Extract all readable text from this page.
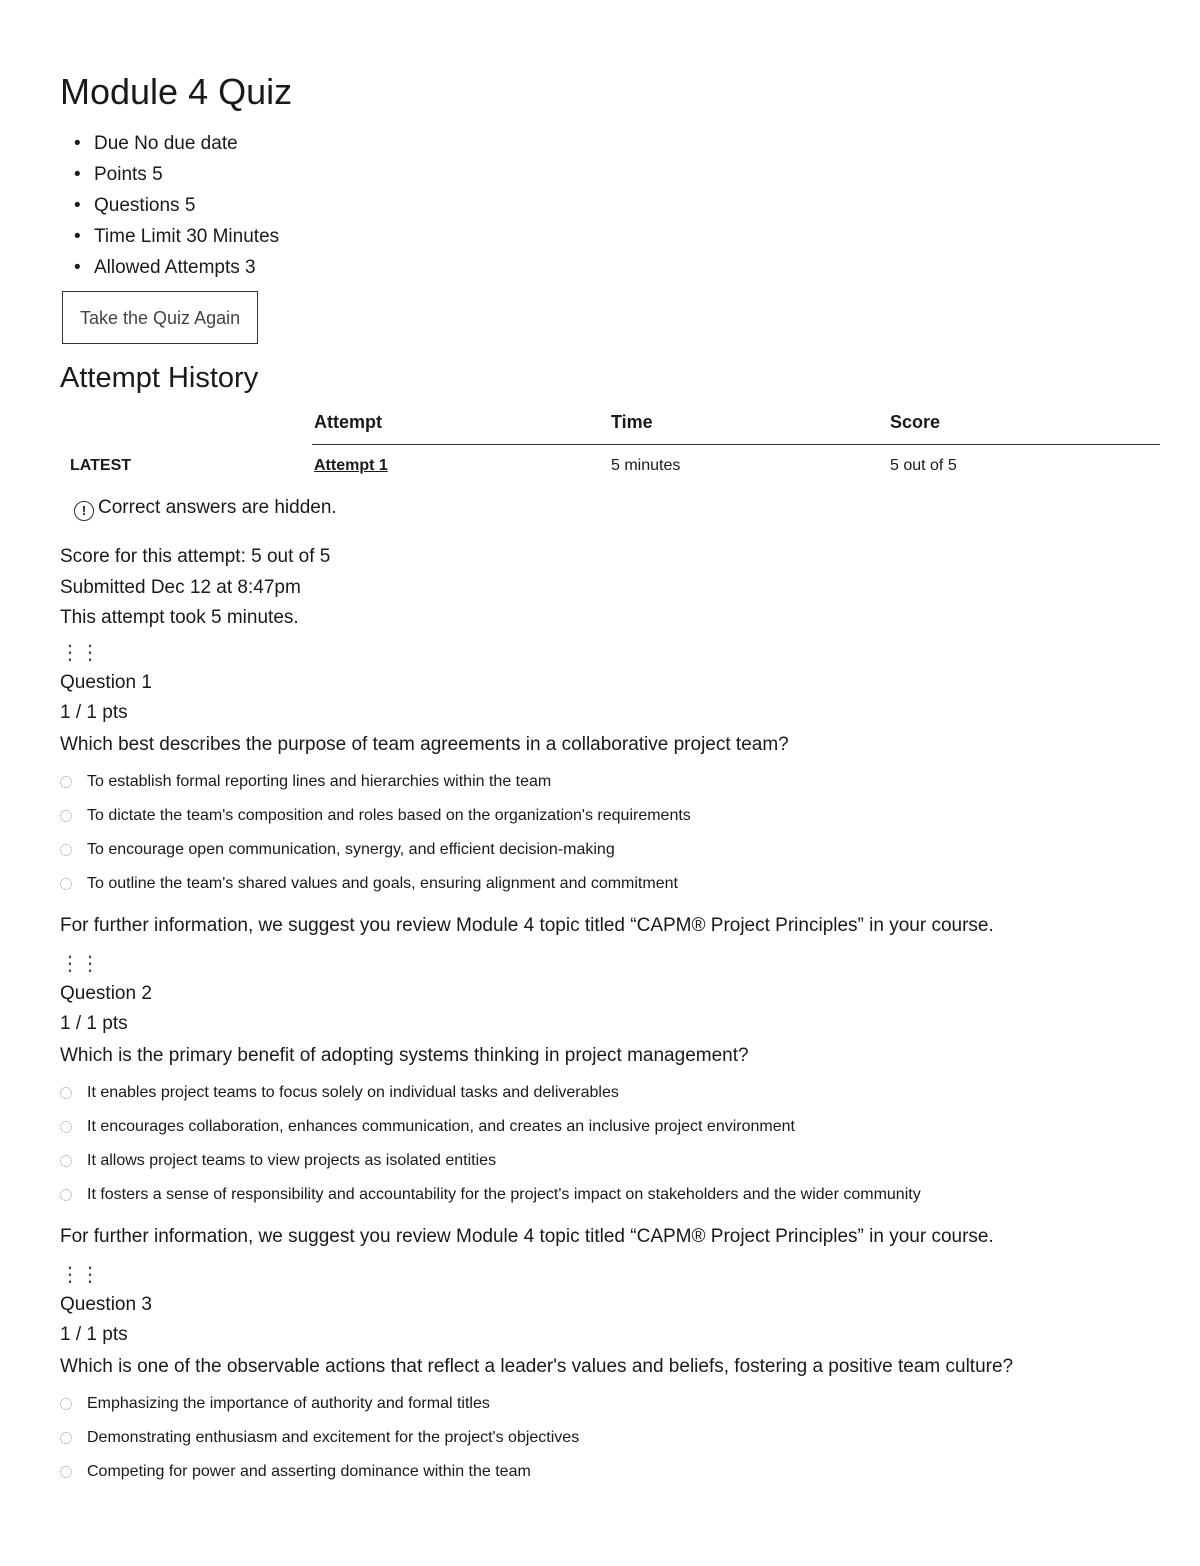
Module 4 Quiz
• Due No due date
• Points 5
• Questions 5
• Time Limit 30 Minutes
• Allowed Attempts 3
Take the Quiz Again
Attempt History
	Attempt	Time	Score
LATEST	Attempt 1	5 minutes	5 out of 5
! Correct answers are hidden.
Score for this attempt: 5 out of 5
Submitted Dec 12 at 8:47pm
This attempt took 5 minutes.
⋮⋮
Question 1
1 / 1 pts
Which best describes the purpose of team agreements in a collaborative project team?
To establish formal reporting lines and hierarchies within the team
To dictate the team's composition and roles based on the organization's requirements
To encourage open communication, synergy, and efficient decision-making
To outline the team's shared values and goals, ensuring alignment and commitment
For further information, we suggest you review Module 4 topic titled “CAPM® Project Principles” in your course.
⋮⋮
Question 2
1 / 1 pts
Which is the primary benefit of adopting systems thinking in project management?
It enables project teams to focus solely on individual tasks and deliverables
It encourages collaboration, enhances communication, and creates an inclusive project environment
It allows project teams to view projects as isolated entities
It fosters a sense of responsibility and accountability for the project's impact on stakeholders and the wider community
For further information, we suggest you review Module 4 topic titled “CAPM® Project Principles” in your course.
⋮⋮
Question 3
1 / 1 pts
Which is one of the observable actions that reflect a leader's values and beliefs, fostering a positive team culture?
Emphasizing the importance of authority and formal titles
Demonstrating enthusiasm and excitement for the project's objectives
Competing for power and asserting dominance within the team
